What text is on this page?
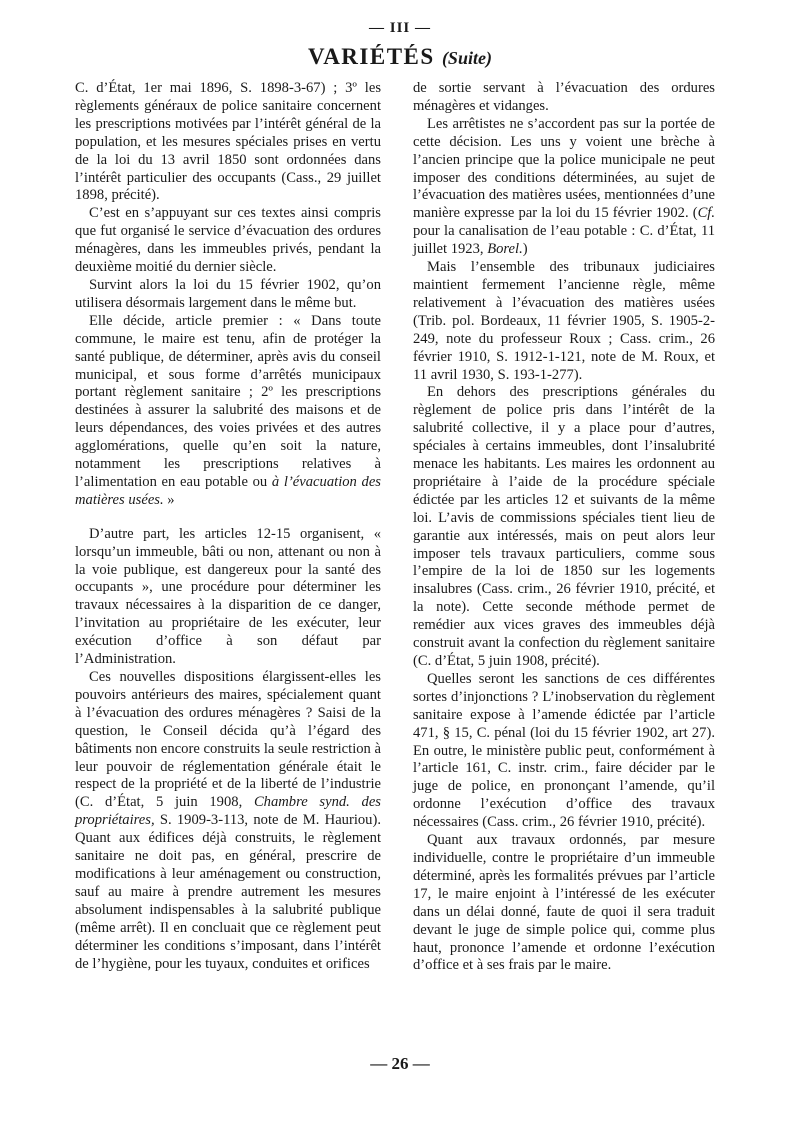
— III —
VARIÉTÉS (Suite)

C. d’État, 1er mai 1896, S. 1898-3-67) ; 3º les règlements généraux de police sanitaire concernent les prescriptions motivées par l’intérêt général de la population, et les mesures spéciales prises en vertu de la loi du 13 avril 1850 sont ordonnées dans l’intérêt particulier des occupants (Cass., 29 juillet 1898, précité).

C’est en s’appuyant sur ces textes ainsi compris que fut organisé le service d’évacuation des ordures ménagères, dans les immeubles privés, pendant la deuxième moitié du dernier siècle.

Survint alors la loi du 15 février 1902, qu’on utilisera désormais largement dans le même but.

Elle décide, article premier : « Dans toute commune, le maire est tenu, afin de protéger la santé publique, de déterminer, après avis du conseil municipal, et sous forme d’arrêtés municipaux portant règlement sanitaire ; 2º les prescriptions destinées à assurer la salubrité des maisons et de leurs dépendances, des voies privées et des autres agglomérations, quelle qu’en soit la nature, notamment les prescriptions relatives à l’alimentation en eau potable ou à l’évacuation des matières usées. »

D’autre part, les articles 12-15 organisent, « lorsqu’un immeuble, bâti ou non, attenant ou non à la voie publique, est dangereux pour la santé des occupants », une procédure pour déterminer les travaux nécessaires à la disparition de ce danger, l’invitation au propriétaire de les exécuter, leur exécution d’office à son défaut par l’Administration.

Ces nouvelles dispositions élargissent-elles les pouvoirs antérieurs des maires, spécialement quant à l’évacuation des ordures ménagères ? Saisi de la question, le Conseil décida qu’à l’égard des bâtiments non encore construits la seule restriction à leur pouvoir de réglementation générale était le respect de la propriété et de la liberté de l’industrie (C. d’État, 5 juin 1908, Chambre synd. des propriétaires, S. 1909-3-113, note de M. Hauriou). Quant aux édifices déjà construits, le règlement sanitaire ne doit pas, en général, prescrire de modifications à leur aménagement ou construction, sauf au maire à prendre autrement les mesures absolument indispensables à la salubrité publique (même arrêt). Il en concluait que ce règlement peut déterminer les conditions s’imposant, dans l’intérêt de l’hygiène, pour les tuyaux, conduites et orifices

de sortie servant à l’évacuation des ordures ménagères et vidanges.

Les arrêtistes ne s’accordent pas sur la portée de cette décision. Les uns y voient une brèche à l’ancien principe que la police municipale ne peut imposer des conditions déterminées, au sujet de l’évacuation des matières usées, mentionnées d’une manière expresse par la loi du 15 février 1902. (Cf. pour la canalisation de l’eau potable : C. d’État, 11 juillet 1923, Borel.)

Mais l’ensemble des tribunaux judiciaires maintient fermement l’ancienne règle, même relativement à l’évacuation des matières usées (Trib. pol. Bordeaux, 11 février 1905, S. 1905-2-249, note du professeur Roux ; Cass. crim., 26 février 1910, S. 1912-1-121, note de M. Roux, et 11 avril 1930, S. 193-1-277).

En dehors des prescriptions générales du règlement de police pris dans l’intérêt de la salubrité collective, il y a place pour d’autres, spéciales à certains immeubles, dont l’insalubrité menace les habitants. Les maires les ordonnent au propriétaire à l’aide de la procédure spéciale édictée par les articles 12 et suivants de la même loi. L’avis de commissions spéciales tient lieu de garantie aux intéressés, mais on peut alors leur imposer tels travaux particuliers, comme sous l’empire de la loi de 1850 sur les logements insalubres (Cass. crim., 26 février 1910, précité, et la note). Cette seconde méthode permet de remédier aux vices graves des immeubles déjà construit avant la confection du règlement sanitaire (C. d’État, 5 juin 1908, précité).

Quelles seront les sanctions de ces différentes sortes d’injonctions ? L’inobservation du règlement sanitaire expose à l’amende édictée par l’article 471, § 15, C. pénal (loi du 15 février 1902, art 27). En outre, le ministère public peut, conformément à l’article 161, C. instr. crim., faire décider par le juge de police, en prononçant l’amende, qu’il ordonne l’exécution d’office des travaux nécessaires (Cass. crim., 26 février 1910, précité).

Quant aux travaux ordonnés, par mesure individuelle, contre le propriétaire d’un immeuble déterminé, après les formalités prévues par l’article 17, le maire enjoint à l’intéressé de les exécuter dans un délai donné, faute de quoi il sera traduit devant le juge de simple police qui, comme plus haut, prononce l’amende et ordonne l’exécution d’office et à ses frais par le maire.

— 26 —
